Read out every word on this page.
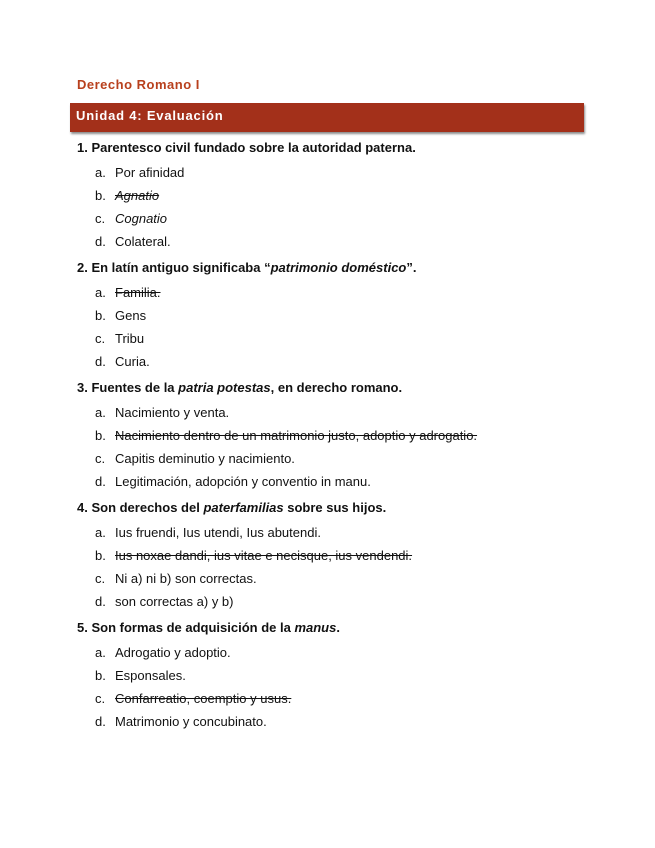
Derecho Romano I
Unidad 4: Evaluación
1. Parentesco civil fundado sobre la autoridad paterna.
a. Por afinidad
b. Agnatio
c. Cognatio
d. Colateral.
2. En latín antiguo significaba “patrimonio doméstico”.
a. Familia.
b. Gens
c. Tribu
d. Curia.
3. Fuentes de la patria potestas, en derecho romano.
a. Nacimiento y venta.
b. Nacimiento dentro de un matrimonio justo, adoptio y adrogatio.
c. Capitis deminutio y nacimiento.
d. Legitimación, adopción y conventio in manu.
4. Son derechos del paterfamilias sobre sus hijos.
a. Ius fruendi, Ius utendi, Ius abutendi.
b. Ius noxae dandi, ius vitae e necisque, ius vendendi.
c. Ni a) ni b) son correctas.
d. son correctas a) y b)
5. Son formas de adquisición de la manus.
a. Adrogatio y adoptio.
b. Esponsales.
c. Confarreatio, coemptio y usus.
d. Matrimonio y concubinato.
